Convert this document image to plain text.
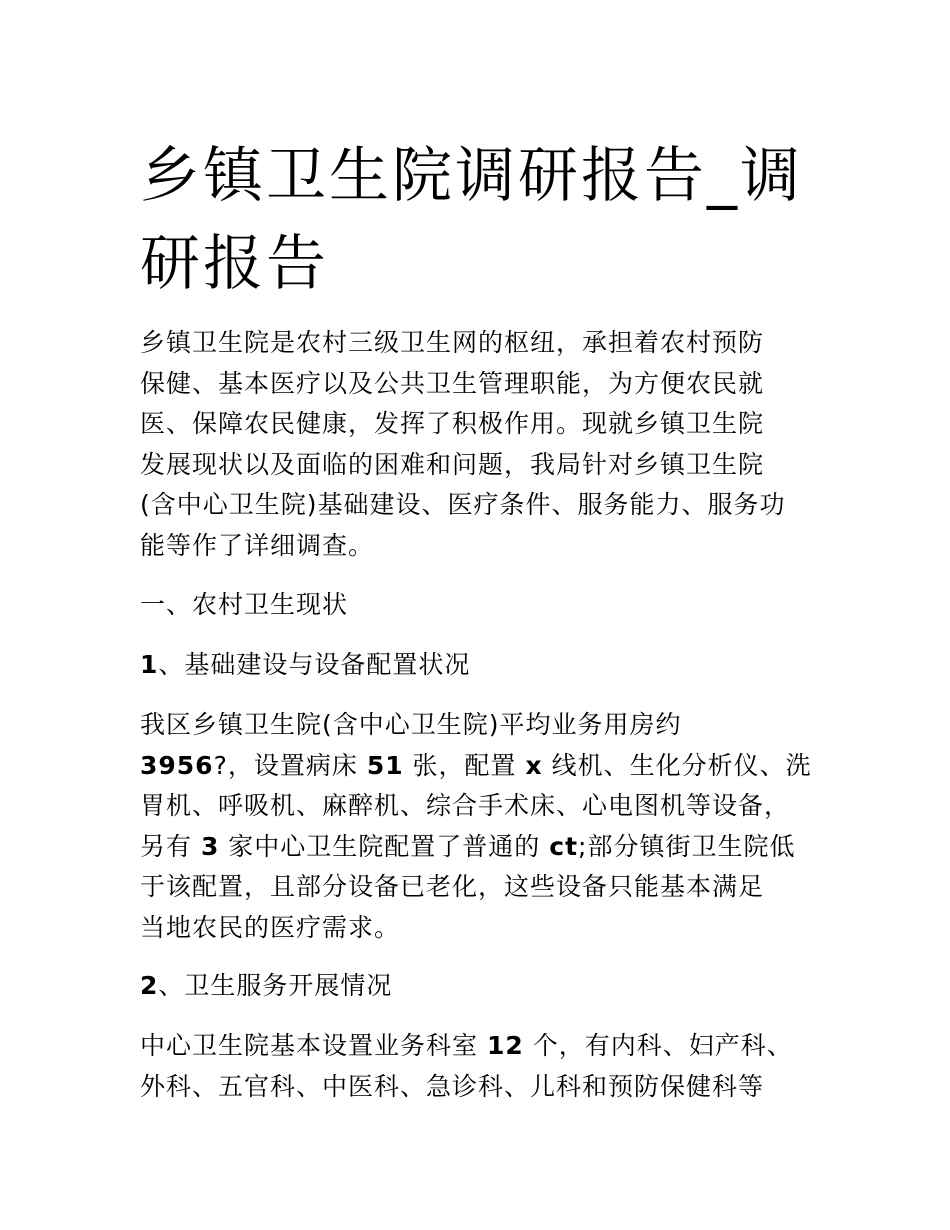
乡镇卫生院调研报告_调
研报告

乡镇卫生院是农村三级卫生网的枢纽，承担着农村预防
保健、基本医疗以及公共卫生管理职能，为方便农民就
医、保障农民健康，发挥了积极作用。现就乡镇卫生院
发展现状以及面临的困难和问题，我局针对乡镇卫生院
(含中心卫生院)基础建设、医疗条件、服务能力、服务功
能等作了详细调查。

一、农村卫生现状

1、基础建设与设备配置状况

我区乡镇卫生院(含中心卫生院)平均业务用房约
3956?，设置病床 51 张，配置 x 线机、生化分析仪、洗
胃机、呼吸机、麻醉机、综合手术床、心电图机等设备，
另有 3 家中心卫生院配置了普通的 ct;部分镇街卫生院低
于该配置，且部分设备已老化，这些设备只能基本满足
当地农民的医疗需求。

2、卫生服务开展情况

中心卫生院基本设置业务科室 12 个，有内科、妇产科、
外科、五官科、中医科、急诊科、儿科和预防保健科等
